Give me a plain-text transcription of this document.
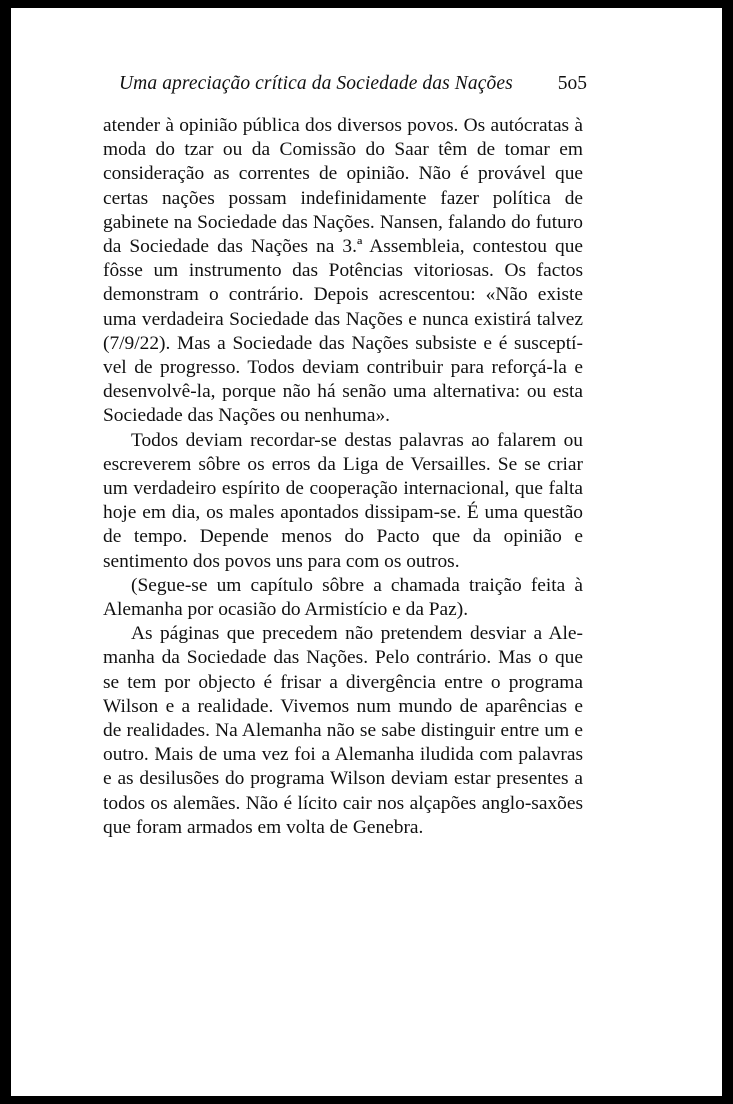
Uma apreciação crítica da Sociedade das Nações 5o5

atender à opinião pública dos diversos povos. Os autócratas à moda do tzar ou da Comissão do Saar têm de tomar em consideração as correntes de opinião. Não é provável que certas nações possam indefinidamente fazer política de gabinete na Sociedade das Nações. Nansen, falando do futuro da Sociedade das Nações na 3.ª Assembleia, contestou que fôsse um instrumento das Potências vitoriosas. Os factos demonstram o contrário. Depois acrescentou: «Não existe uma verdadeira Sociedade das Nações e nunca existirá talvez (7/9/22). Mas a Sociedade das Nações subsiste e é susceptível de progresso. Todos deviam contribuir para reforçá-la e desenvolvê-la, porque não há senão uma alternativa: ou esta Sociedade das Nações ou nenhuma».

Todos deviam recordar-se destas palavras ao falarem ou escreverem sôbre os erros da Liga de Versailles. Se se criar um verdadeiro espírito de cooperação internacional, que falta hoje em dia, os males apontados dissipam-se. É uma questão de tempo. Depende menos do Pacto que da opinião e sentimento dos povos uns para com os outros.

(Segue-se um capítulo sôbre a chamada traição feita à Alemanha por ocasião do Armistício e da Paz).

As páginas que precedem não pretendem desviar a Alemanha da Sociedade das Nações. Pelo contrário. Mas o que se tem por objecto é frisar a divergência entre o programa Wilson e a realidade. Vivemos num mundo de aparências e de realidades. Na Alemanha não se sabe distinguir entre um e outro. Mais de uma vez foi a Alemanha iludida com palavras e as desilusões do programa Wilson deviam estar presentes a todos os alemães. Não é lícito cair nos alçapões anglo-saxões que foram armados em volta de Genebra.
